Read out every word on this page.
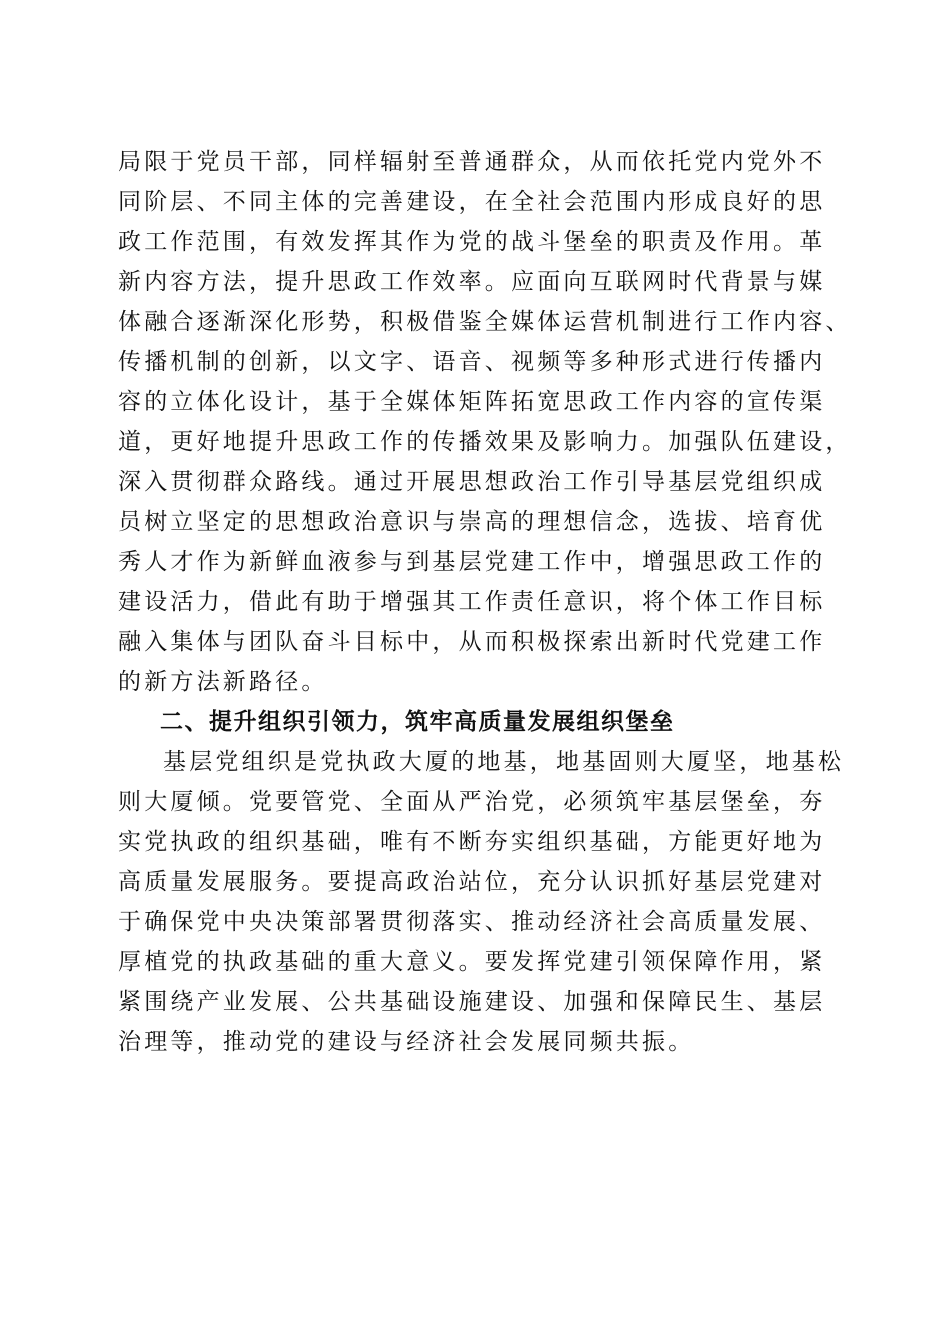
局限于党员干部，同样辐射至普通群众，从而依托党内党外不
同阶层、不同主体的完善建设，在全社会范围内形成良好的思
政工作范围，有效发挥其作为党的战斗堡垒的职责及作用。革
新内容方法，提升思政工作效率。应面向互联网时代背景与媒
体融合逐渐深化形势，积极借鉴全媒体运营机制进行工作内容、
传播机制的创新，以文字、语音、视频等多种形式进行传播内
容的立体化设计，基于全媒体矩阵拓宽思政工作内容的宣传渠
道，更好地提升思政工作的传播效果及影响力。加强队伍建设，
深入贯彻群众路线。通过开展思想政治工作引导基层党组织成
员树立坚定的思想政治意识与崇高的理想信念，选拔、培育优
秀人才作为新鲜血液参与到基层党建工作中，增强思政工作的
建设活力，借此有助于增强其工作责任意识，将个体工作目标
融入集体与团队奋斗目标中，从而积极探索出新时代党建工作
的新方法新路径。
二、提升组织引领力，筑牢高质量发展组织堡垒
基层党组织是党执政大厦的地基，地基固则大厦坚，地基松
则大厦倾。党要管党、全面从严治党，必须筑牢基层堡垒，夯
实党执政的组织基础，唯有不断夯实组织基础，方能更好地为
高质量发展服务。要提高政治站位，充分认识抓好基层党建对
于确保党中央决策部署贯彻落实、推动经济社会高质量发展、
厚植党的执政基础的重大意义。要发挥党建引领保障作用，紧
紧围绕产业发展、公共基础设施建设、加强和保障民生、基层
治理等，推动党的建设与经济社会发展同频共振。
